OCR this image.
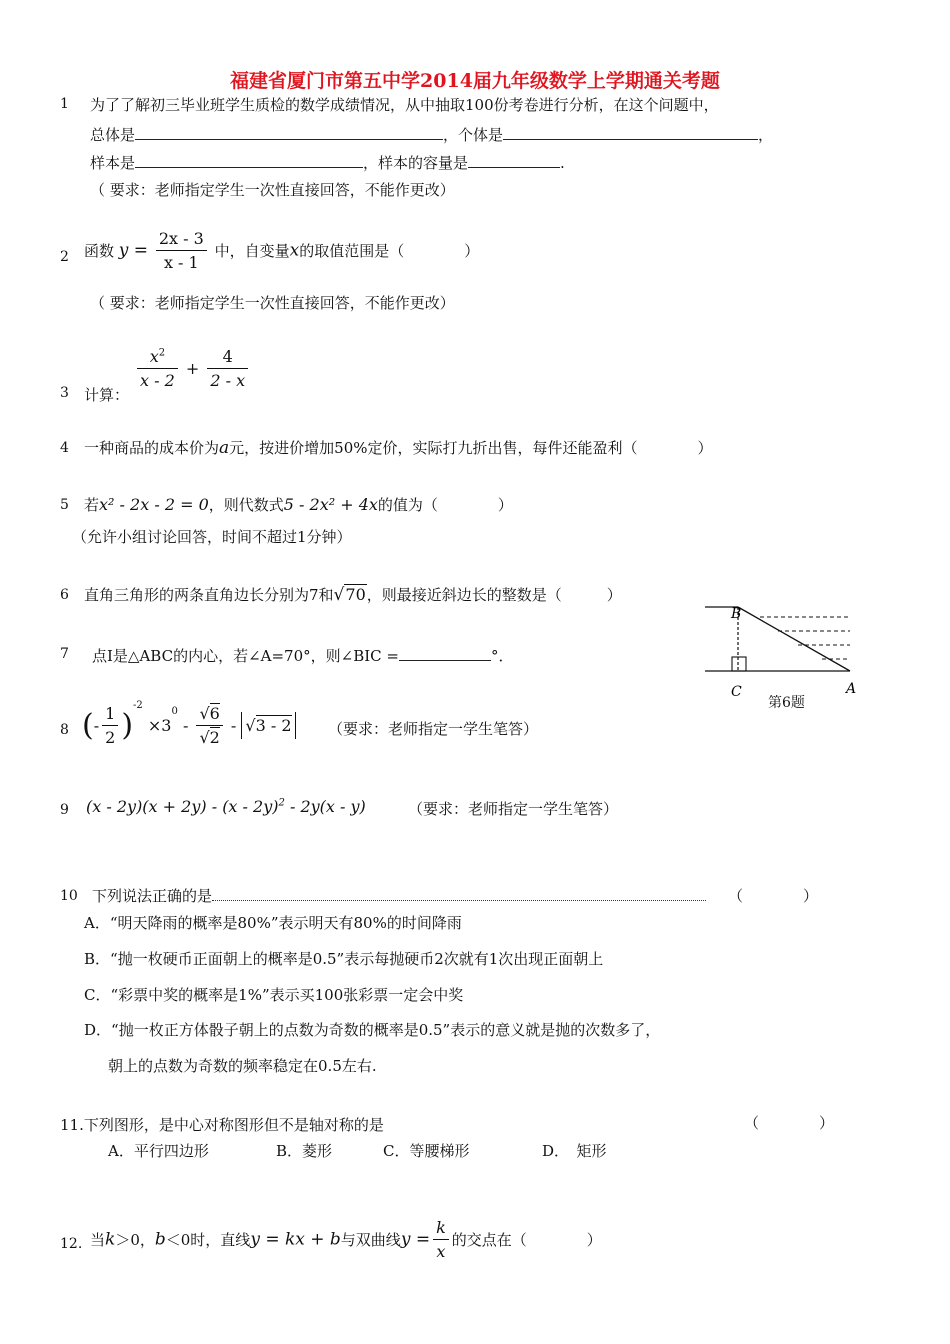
福建省厦门市第五中学2014届九年级数学上学期通关考题
1 为了了解初三毕业班学生质检的数学成绩情况，从中抽取100份考卷进行分析，在这个问题中，
总体是	，个体是	，
样本是	，样本的容量是	.
（ 要求：老师指定学生一次性直接回答，不能作更改）
2 函数 $y = \frac{2x - 3}{x - 1}$ 中，自变量x的取值范围是（　　　　）
（ 要求：老师指定学生一次性直接回答，不能作更改）
3 计算：
$\frac{x^2}{x - 2} + \frac{4}{2 - x}$
4 一种商品的成本价为a元，按进价增加50%定价，实际打九折出售，每件还能盈利（　　　　）
5 若x² - 2x - 2 = 0，则代数式5 - 2x² + 4x的值为（　　　　）
（允许小组讨论回答，时间不超过1分钟）
6 直角三角形的两条直角边长分别为7和√70，则最接近斜边长的整数是（　　　）
7 点I是△ABC的内心，若∠A=70°，则∠BIC =	°．
B
C	A
第6题
8 (- $\frac{1}{2} )^{-2} \times 3^0 - \frac{√6}{√2} - √3 - 2$ （要求：老师指定一学生笔答）
9 (x - 2y)(x + 2y) - (x - 2y)$^2$ - 2y(x - y)	（要求：老师指定一学生笔答）
10 下列说法正确的是	（　　　　）
A．“明天降雨的概率是80%”表示明天有80%的时间降雨
B．“抛一枚硬币正面朝上的概率是0.5”表示每抛硬币2次就有1次出现正面朝上
C．“彩票中奖的概率是1%”表示买100张彩票一定会中奖
D．“抛一枚正方体骰子朝上的点数为奇数的概率是0.5”表示的意义就是抛的次数多了，
朝上的点数为奇数的频率稳定在0.5左右.
11.下列图形，是中心对称图形但不是轴对称的是	（　　　　）
A．平行四边形	B．菱形	C．等腰梯形	D．　矩形
12. 当k＞0，b＜0时，直线y = kx + b与双曲线$y = \frac{k}{x}$ 的交点在（　　　　）
